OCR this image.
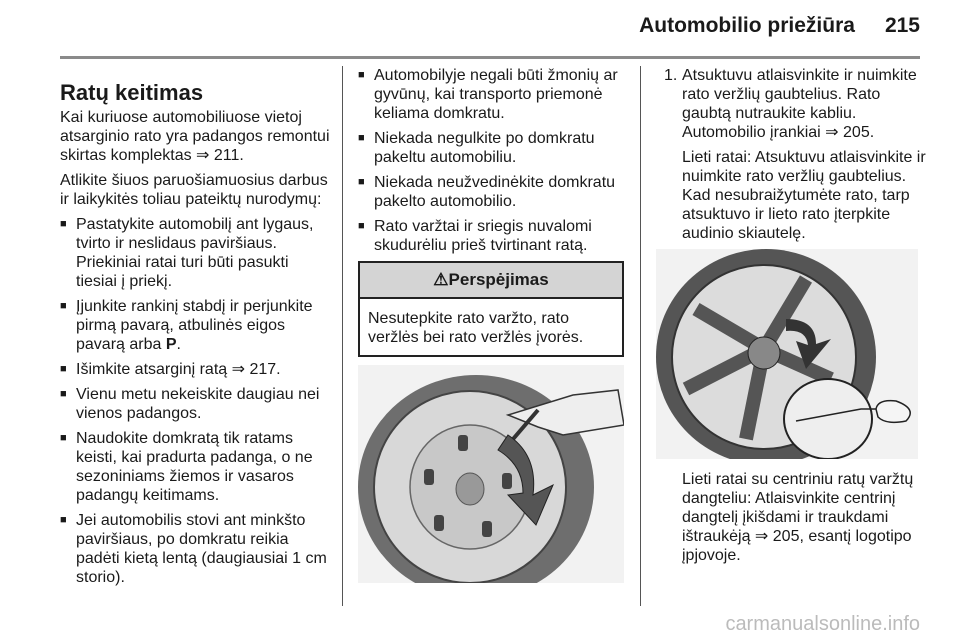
Automobilio priežiūra 215
Ratų keitimas

Kai kuriuose automobiliuose vietoj atsarginio rato yra padangos remontui skirtas komplektas ⇒ 211.

Atlikite šiuos paruošiamuosius darbus ir laikykitės toliau pateiktų nurodymų:

■ Pastatykite automobilį ant lygaus, tvirto ir neslidaus paviršiaus. Priekiniai ratai turi būti pasukti tiesiai į priekį.
■ Įjunkite rankinį stabdį ir perjunkite pirmą pavarą, atbulinės eigos pavarą arba P.
■ Išimkite atsarginį ratą ⇒ 217.
■ Vienu metu nekeiskite daugiau nei vienos padangos.
■ Naudokite domkratą tik ratams keisti, kai pradurta padanga, o ne sezoniniams žiemos ir vasaros padangų keitimams.
■ Jei automobilis stovi ant minkšto paviršiaus, po domkratu reikia padėti kietą lentą (daugiausiai 1 cm storio).
■ Automobilyje negali būti žmonių ar gyvūnų, kai transporto priemonė keliama domkratu.
■ Niekada negulkite po domkratu pakeltu automobiliu.
■ Niekada neužvedinėkite domkratu pakelto automobilio.
■ Rato varžtai ir sriegis nuvalomi skudurėliu prieš tvirtinant ratą.
⚠Perspėjimas
Nesutepkite rato varžto, rato veržlės bei rato veržlės įvorės.
1. Atsuktuvu atlaisvinkite ir nuimkite rato veržlių gaubtelius. Rato gaubtą nutraukite kabliu. Automobilio įrankiai ⇒ 205.

Lieti ratai: Atsuktuvu atlaisvinkite ir nuimkite rato veržlių gaubtelius. Kad nesubraižytumėte rato, tarp atsuktuvo ir lieto rato įterpkite audinio skiautelę.

Lieti ratai su centriniu ratų varžtų dangteliu: Atlaisvinkite centrinį dangtelį įkišdami ir traukdami ištraukėją ⇒ 205, esantį logotipo įpjovoje.

carmanualsonline.info
